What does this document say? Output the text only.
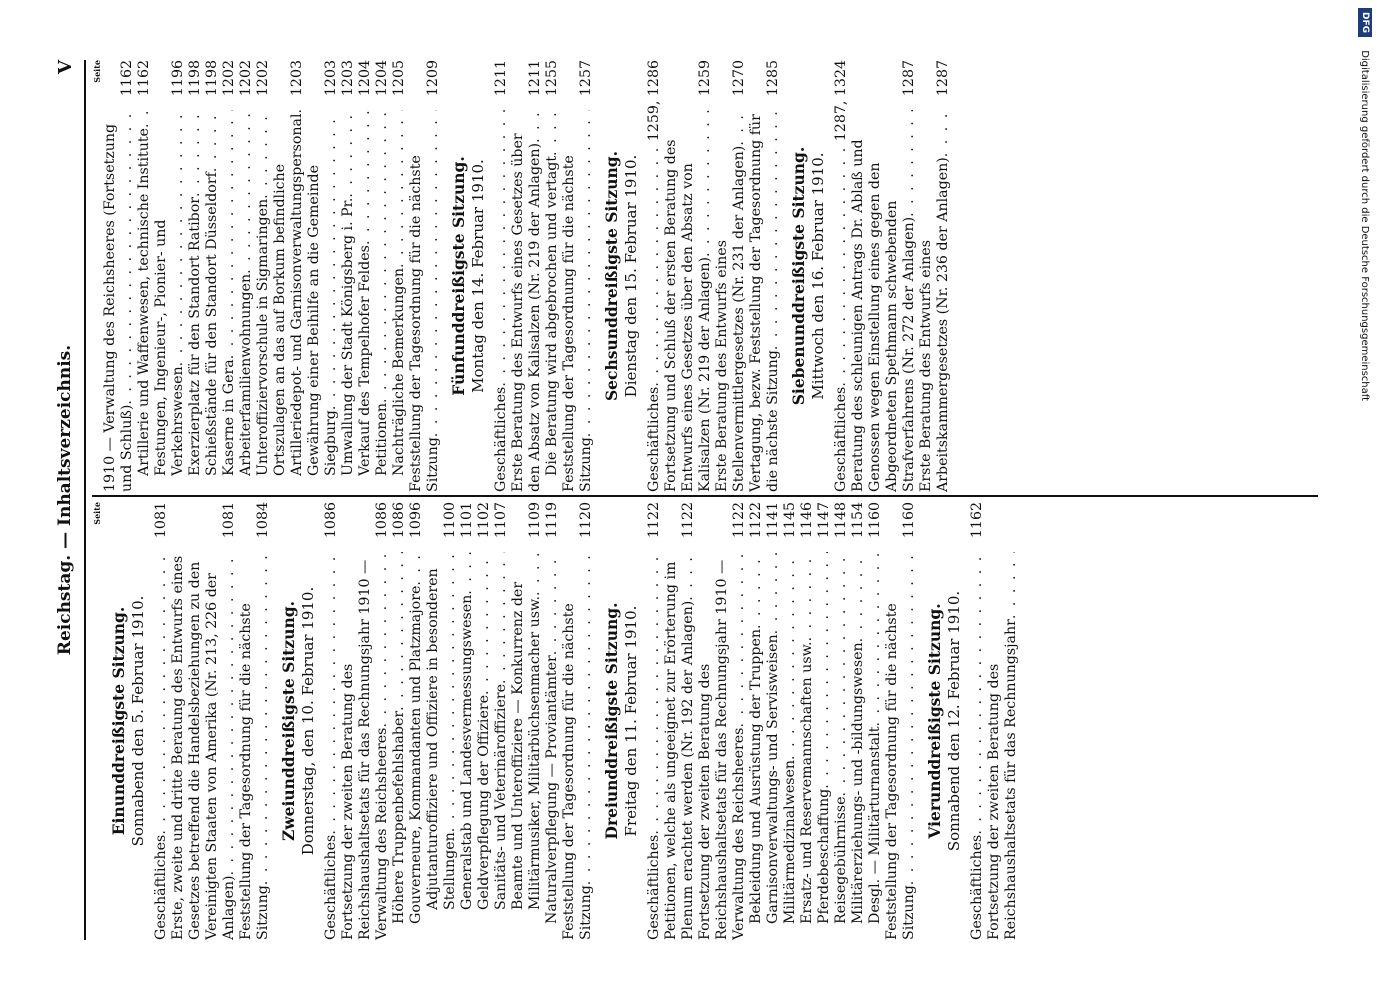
Reichstag. — Inhaltsverzeichnis.
V
Seite
Einunddreißigste Sitzung. Sonnabend den 5. Februar 1910.
Geschäftliches . . .
1081
Erste, zweite und dritte Beratung des Entwurfs eines Gesetzes betreffend die Handelsbeziehungen zu den Vereinigten Staaten von Amerika (Nr. 213, 226 der Anlagen) . . .
1081
Feststellung der Tagesordnung für die nächste Sitzung . . .
1084
Zweiunddreißigste Sitzung. Donnerstag, den 10. Februar 1910.
Geschäftliches . . .
1086
Fortsetzung der zweiten Beratung des Reichshaushaltsetats für das Rechnungsjahr 1910 — Verwaltung des Reichsheeres . . .
1086
Höhere Truppenbefehlshaber . . .
1086
Gouverneure, Kommandanten und Platzmajore . . .
1096
Adjutanturoffiziere und Offiziere in besonderen Stellungen . . .
1100
Generalstab und Landesvermessungswesen . . .
1101
Geldverpflegung der Offiziere . . .
1102
Sanitäts- und Veterinäroffiziere . . .
1107
Beamte und Unteroffiziere — Konkurrenz der Militärmusiker, Militärbüchsenmacher usw. . . .
1109
Naturalverpflegung — Proviantämter . . .
1119
Feststellung der Tagesordnung für die nächste Sitzung . . .
1120
Dreiunddreißigste Sitzung. Freitag den 11. Februar 1910.
Geschäftliches . . .
1122
Petitionen, welche als ungeeignet zur Erörterung im Plenum erachtet werden (Nr. 192 der Anlagen) . . .
1122
Fortsetzung der zweiten Beratung des Reichshaushaltsetats für das Rechnungsjahr 1910 — Verwaltung des Reichsheeres . . .
1122
Bekleidung und Ausrüstung der Truppen . . .
1122
Garnisonverwaltungs- und Servisweisen . . .
1141
Militärmedizinalwesen . . .
1145
Ersatz- und Reservemannschaften usw. . . .
1146
Pferdebeschaffung . . .
1147
Reisegebührnisse . . .
1148
Militärerziehungs- und -bildungswesen . . .
1154
Desgl. — Militärturnanstalt . . .
1160
Feststellung der Tagesordnung für die nächste Sitzung . . .
1160
Vierunddreißigste Sitzung. Sonnabend den 12. Februar 1910.
Geschäftliches . . .
1162
Fortsetzung der zweiten Beratung des Reichshaushaltsetats für das Rechnungsjahr . . .
Seite
1910 — Verwaltung des Reichsheeres (Fortsetzung und Schluß) . . .
1162
Artillerie und Waffenwesen, technische Institute . . .
1162
Festungen, Ingenieur-, Pionier- und Verkehrswesen . . .
1196
Exerzierplatz für den Standort Ratibor . . .
1198
Schießstände für den Standort Düsseldorf . . .
1198
Kaserne in Gera . . .
1202
Arbeiterfamilienwohnungen . . .
1202
Unteroffiziervorschule in Sigmaringen . . .
1202
Ortszulagen an das auf Borkum befindliche Artilleriedepot- und Garnisonverwaltungspersonal . . .
1203
Gewährung einer Beihilfe an die Gemeinde Siegburg . . .
1203
Umwallung der Stadt Königsberg i. Pr. . . .
1203
Verkauf des Tempelhofer Feldes . . .
1204
Petitionen . . .
1204
Nachträgliche Bemerkungen . . .
1205
Feststellung der Tagesordnung für die nächste Sitzung . . .
1209
Fünfunddreißigste Sitzung. Montag den 14. Februar 1910.
Geschäftliches . . .
1211
Erste Beratung des Entwurfs eines Gesetzes über den Absatz von Kalisalzen (Nr. 219 der Anlagen) . . .
1211
Die Beratung wird abgebrochen und vertagt . . .
1255
Feststellung der Tagesordnung für die nächste Sitzung . . .
1257
Sechsunddreißigste Sitzung. Dienstag den 15. Februar 1910.
Geschäftliches . . .
1259, 1286
Fortsetzung und Schluß der ersten Beratung des Entwurfs eines Gesetzes über den Absatz von Kalisalzen (Nr. 219 der Anlagen) . . .
1259
Erste Beratung des Entwurfs eines Stellenvermittlergesetzes (Nr. 231 der Anlagen) . . .
1270
Vertagung, bezw. Feststellung der Tagesordnung für die nächste Sitzung . . .
1285
Siebenunddreißigste Sitzung. Mittwoch den 16. Februar 1910.
Geschäftliches . . .
1287, 1324
Beratung des schleunigen Antrags Dr. Ablaß und Genossen wegen Einstellung eines gegen den Abgeordneten Spethmann schwebenden Strafverfahrens (Nr. 272 der Anlagen) . . .
1287
Erste Beratung des Entwurfs eines Arbeitskammergesetzes (Nr. 236 der Anlagen) . . .
1287
DFG Digitalisierung gefördert durch die Deutsche Forschungsgemeinschaft
